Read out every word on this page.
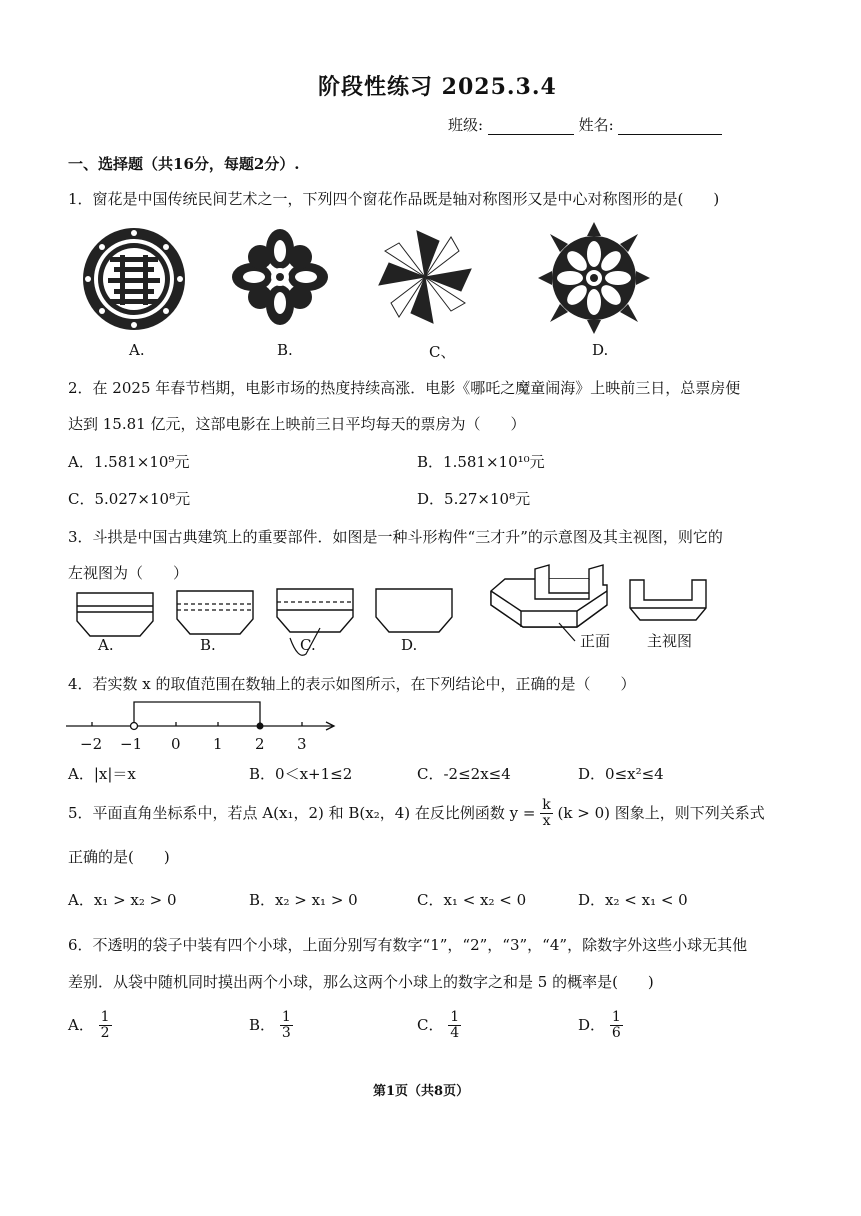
阶段性练习 2025.3.4
班级:	姓名:
一、选择题（共16分，每题2分）.
1．窗花是中国传统民间艺术之一，下列四个窗花作品既是轴对称图形又是中心对称图形的是(　　)
A.	B.	C、	D.
2．在 2025 年春节档期，电影市场的热度持续高涨．电影《哪吒之魔童闹海》上映前三日，总票房便
达到 15.81 亿元，这部电影在上映前三日平均每天的票房为（　　）
A．1.581×10⁹元	B．1.581×10¹⁰元
C．5.027×10⁸元	D．5.27×10⁸元
3．斗拱是中国古典建筑上的重要部件．如图是一种斗形构件“三才升”的示意图及其主视图，则它的
左视图为（　　）
正面 主视图
A.	B.	C.	D.
4．若实数 x 的取值范围在数轴上的表示如图所示，在下列结论中，正确的是（　　）
−2 −1 0 1 2 3
A．|x|＝x	B．0＜x+1≤2	C．-2≤2x≤4	D．0≤x²≤4
5．平面直角坐标系中，若点 A(x₁，2) 和 B(x₂，4) 在反比例函数 $y = \frac{k}{x} (k > 0)$ 图象上，则下列关系式
正确的是(　　)
A．x₁ > x₂ > 0	B．x₂ > x₁ > 0	C．x₁ < x₂ < 0	D．x₂ < x₁ < 0
6．不透明的袋子中装有四个小球，上面分别写有数字“1”，“2”，“3”，“4”，除数字外这些小球无其他
差别．从袋中随机同时摸出两个小球，那么这两个小球上的数字之和是 5 的概率是(　　)
A． $\frac{1}{2}$	B． $\frac{1}{3}$	C． $\frac{1}{4}$	D． $\frac{1}{6}$
第1页（共8页）
